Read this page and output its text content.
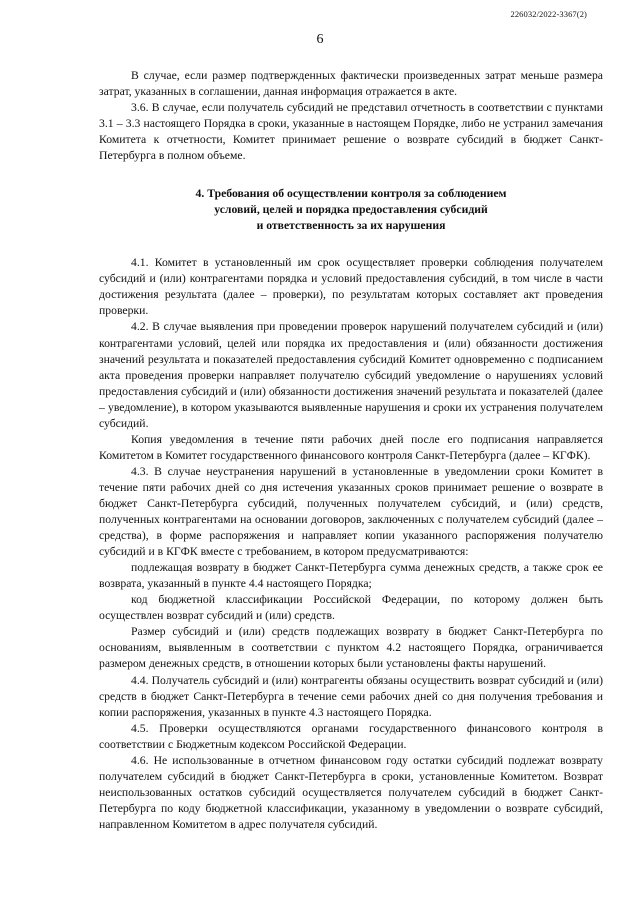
226032/2022-3367(2)
6

В случае, если размер подтвержденных фактически произведенных затрат меньше размера затрат, указанных в соглашении, данная информация отражается в акте.

3.6. В случае, если получатель субсидий не представил отчетность в соответствии с пунктами 3.1 – 3.3 настоящего Порядка в сроки, указанные в настоящем Порядке, либо не устранил замечания Комитета к отчетности, Комитет принимает решение о возврате субсидий в бюджет Санкт-Петербурга в полном объеме.

4. Требования об осуществлении контроля за соблюдением
условий, целей и порядка предоставления субсидий
и ответственность за их нарушения

4.1. Комитет в установленный им срок осуществляет проверки соблюдения получателем субсидий и (или) контрагентами порядка и условий предоставления субсидий, в том числе в части достижения результата (далее – проверки), по результатам которых составляет акт проведения проверки.

4.2. В случае выявления при проведении проверок нарушений получателем субсидий и (или) контрагентами условий, целей или порядка их предоставления и (или) обязанности достижения значений результата и показателей предоставления субсидий Комитет одновременно с подписанием акта проведения проверки направляет получателю субсидий уведомление о нарушениях условий предоставления субсидий и (или) обязанности достижения значений результата и показателей (далее – уведомление), в котором указываются выявленные нарушения и сроки их устранения получателем субсидий.

Копия уведомления в течение пяти рабочих дней после его подписания направляется Комитетом в Комитет государственного финансового контроля Санкт-Петербурга (далее – КГФК).

4.3. В случае неустранения нарушений в установленные в уведомлении сроки Комитет в течение пяти рабочих дней со дня истечения указанных сроков принимает решение о возврате в бюджет Санкт-Петербурга субсидий, полученных получателем субсидий, и (или) средств, полученных контрагентами на основании договоров, заключенных с получателем субсидий (далее – средства), в форме распоряжения и направляет копии указанного распоряжения получателю субсидий и в КГФК вместе с требованием, в котором предусматриваются:

подлежащая возврату в бюджет Санкт-Петербурга сумма денежных средств, а также срок ее возврата, указанный в пункте 4.4 настоящего Порядка;

код бюджетной классификации Российской Федерации, по которому должен быть осуществлен возврат субсидий и (или) средств.

Размер субсидий и (или) средств подлежащих возврату в бюджет Санкт-Петербурга по основаниям, выявленным в соответствии с пунктом 4.2 настоящего Порядка, ограничивается размером денежных средств, в отношении которых были установлены факты нарушений.

4.4. Получатель субсидий и (или) контрагенты обязаны осуществить возврат субсидий и (или) средств в бюджет Санкт-Петербурга в течение семи рабочих дней со дня получения требования и копии распоряжения, указанных в пункте 4.3 настоящего Порядка.

4.5. Проверки осуществляются органами государственного финансового контроля в соответствии с Бюджетным кодексом Российской Федерации.

4.6. Не использованные в отчетном финансовом году остатки субсидий подлежат возврату получателем субсидий в бюджет Санкт-Петербурга в сроки, установленные Комитетом. Возврат неиспользованных остатков субсидий осуществляется получателем субсидий в бюджет Санкт-Петербурга по коду бюджетной классификации, указанному в уведомлении о возврате субсидий, направленном Комитетом в адрес получателя субсидий.
